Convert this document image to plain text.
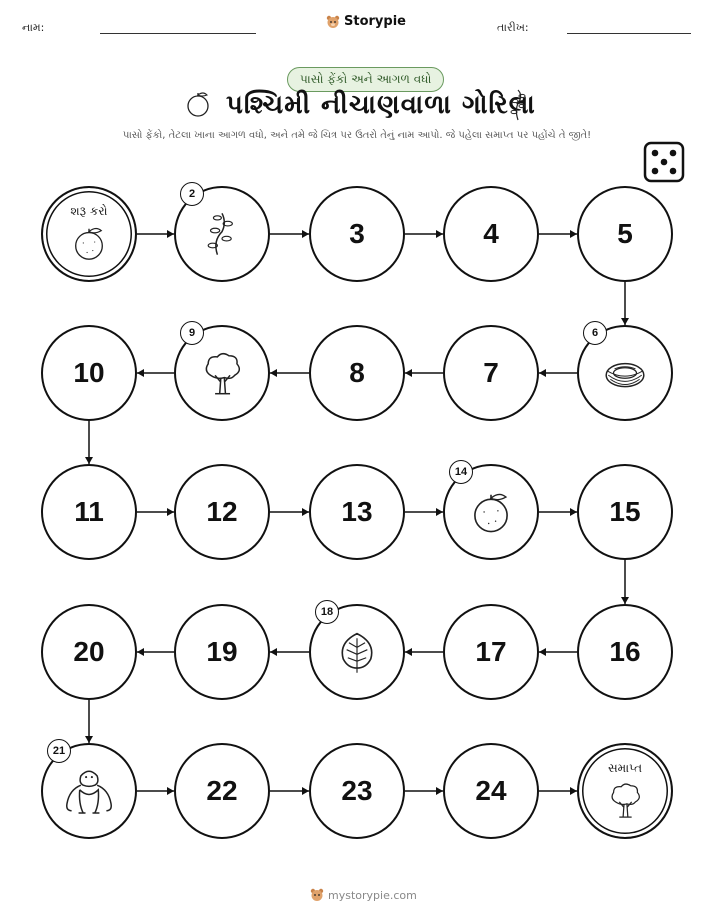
નામ:	Storypie	તારીખ:
પાસો ફેંકો અને આગળ વધો
પશ્ચિમી નીચાણવાળા ગોરિલા
પાસો ફેંકો, તેટલા ખાના આગળ વધો, અને તમે જે ચિત્ર પર ઉતરો તેનું નામ આપો. જે પહેલા સમાપ્ત પર પહોંચે તે જીતે!
શરૂ કરો
2
3	4	5
6
7
8
9
10
11	12	13
14
15
16
17
18
19
20
21
22	23	24
સમાપ્ત
mystorypie.com
